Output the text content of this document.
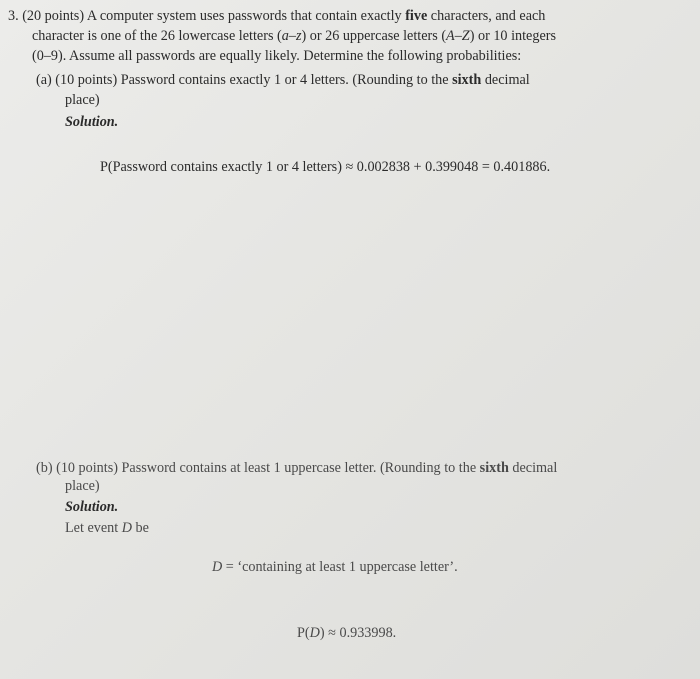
3. (20 points) A computer system uses passwords that contain exactly five characters, and each
character is one of the 26 lowercase letters (a–z) or 26 uppercase letters (A–Z) or 10 integers
(0–9). Assume all passwords are equally likely. Determine the following probabilities:
(a) (10 points) Password contains exactly 1 or 4 letters. (Rounding to the sixth decimal
place)
Solution.
P(Password contains exactly 1 or 4 letters) ≈ 0.002838 + 0.399048 = 0.401886.
(b) (10 points) Password contains at least 1 uppercase letter. (Rounding to the sixth decimal
place)
Solution.
Let event D be
D = ‘containing at least 1 uppercase letter’.
P(D) ≈ 0.933998.
